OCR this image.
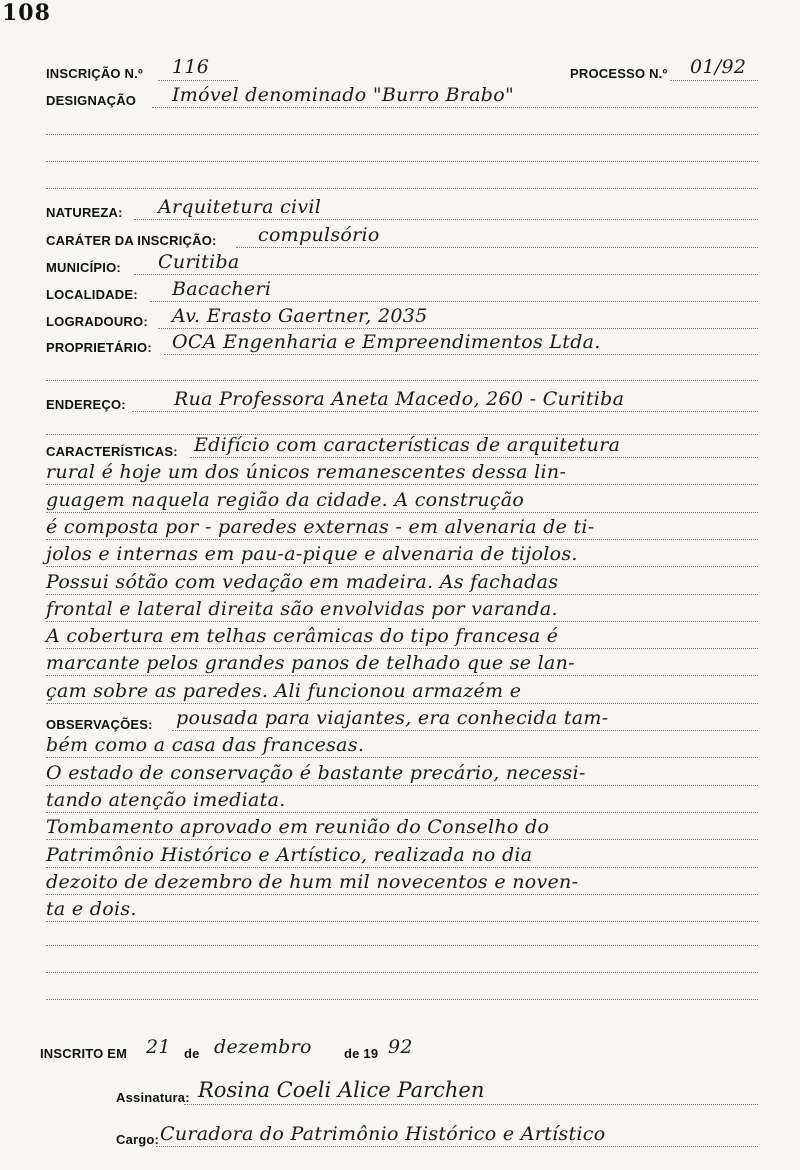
108
INSCRIÇÃO N.º 116	PROCESSO N.º 01/92
DESIGNAÇÃO Imóvel denominado "Burro Brabo"
NATUREZA: Arquitetura civil
CARÁTER DA INSCRIÇÃO: compulsório
MUNICÍPIO: Curitiba
LOCALIDADE: Bacacheri
LOGRADOURO: Av. Erasto Gaertner, 2035
PROPRIETÁRIO: OCA Engenharia e Empreendimentos Ltda.
ENDEREÇO:	Rua Professora Aneta Macedo, 260 - Curitiba
CARACTERÍSTICAS: Edifício com características de arquitetura
rural é hoje um dos únicos remanescentes dessa lin-
guagem naquela região da cidade. A construção
é composta por - paredes externas - em alvenaria de ti-
jolos e internas em pau-a-pique e alvenaria de tijolos.
Possui sótão com vedação em madeira. As fachadas
frontal e lateral direita são envolvidas por varanda.
A cobertura em telhas cerâmicas do tipo francesa é
marcante pelos grandes panos de telhado que se lan-
çam sobre as paredes. Ali funcionou armazém e
OBSERVAÇÕES: pousada para viajantes, era conhecida tam-
bém como a casa das francesas.
O estado de conservação é bastante precário, necessi-
tando atenção imediata.
Tombamento aprovado em reunião do Conselho do
Patrimônio Histórico e Artístico, realizada no dia
dezoito de dezembro de hum mil novecentos e noven-
ta e dois.
INSCRITO EM 21 de dezembro de 19 92
Assinatura: Rosina Coeli Alice Parchen
Cargo: Curadora do Patrimônio Histórico e Artístico
